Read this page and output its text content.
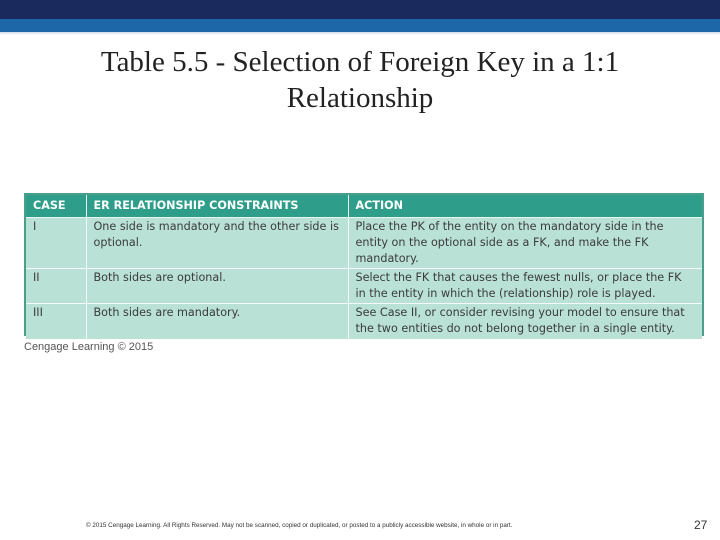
Table 5.5 - Selection of Foreign Key in a 1:1 Relationship
CASE	ER RELATIONSHIP CONSTRAINTS	ACTION
I	One side is mandatory and the other side is optional.	Place the PK of the entity on the mandatory side in the entity on the optional side as a FK, and make the FK mandatory.
II	Both sides are optional.	Select the FK that causes the fewest nulls, or place the FK in the entity in which the (relationship) role is played.
III	Both sides are mandatory.	See Case II, or consider revising your model to ensure that the two entities do not belong together in a single entity.
Cengage Learning © 2015
© 2015 Cengage Learning. All Rights Reserved. May not be scanned, copied or duplicated, or posted to a publicly accessible website, in whole or in part.	27
